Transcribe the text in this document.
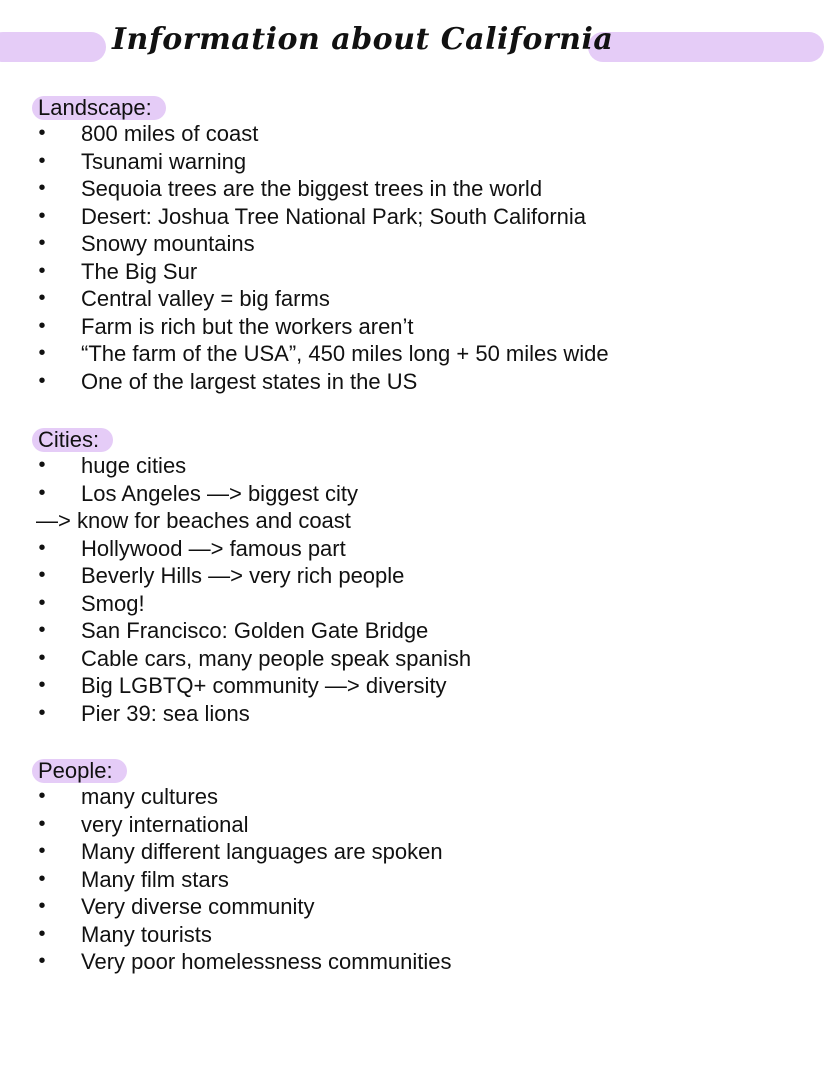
Information about California
Landscape:
• 800 miles of coast
• Tsunami warning
• Sequoia trees are the biggest trees in the world
• Desert: Joshua Tree National Park; South California
• Snowy mountains
• The Big Sur
• Central valley = big farms
• Farm is rich but the workers aren’t
• “The farm of the USA”, 450 miles long + 50 miles wide
• One of the largest states in the US
Cities:
• huge cities
• Los Angeles —> biggest city
—> know for beaches and coast
• Hollywood —> famous part
• Beverly Hills —> very rich people
• Smog!
• San Francisco: Golden Gate Bridge
• Cable cars, many people speak spanish
• Big LGBTQ+ community —> diversity
• Pier 39: sea lions
People:
• many cultures
• very international
• Many different languages are spoken
• Many film stars
• Very diverse community
• Many tourists
• Very poor homelessness communities
